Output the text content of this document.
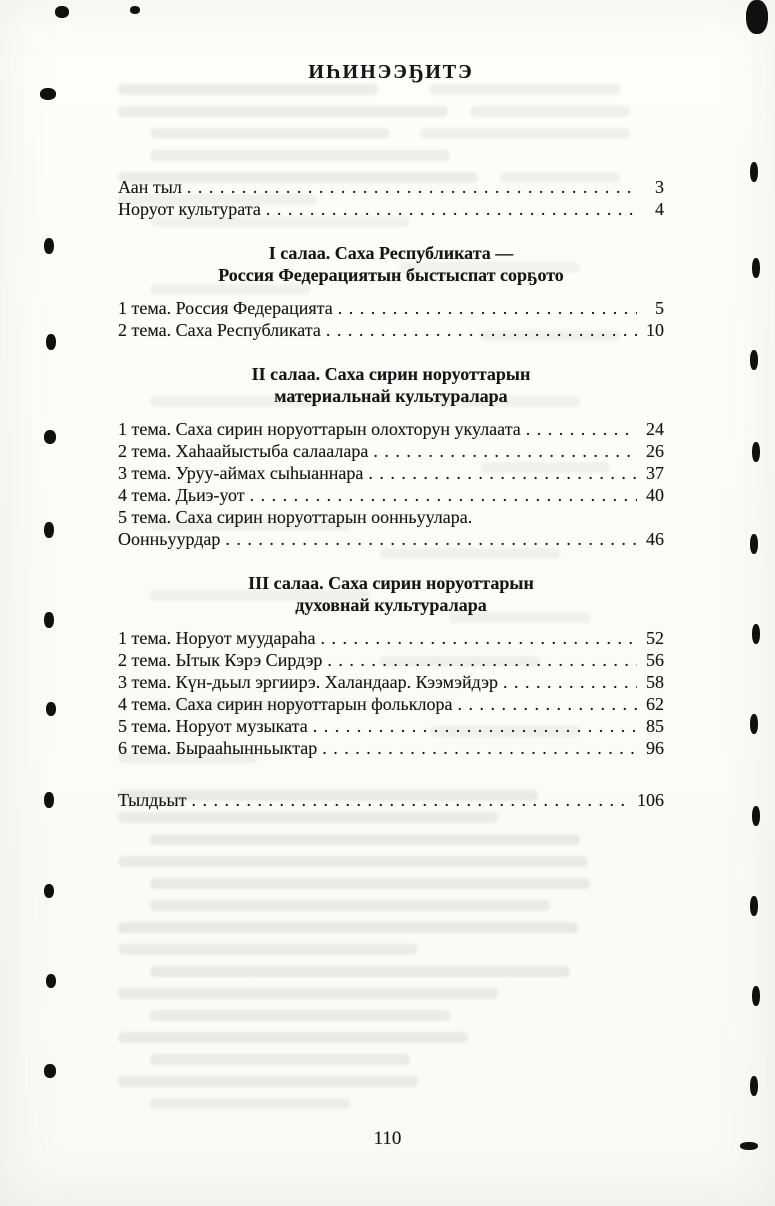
ИҺИНЭЭҔИТЭ
Аан тыл . . .	3
Норуот культурата . . .	4
I салаа. Саха Республиката —
Россия Федерациятын быстыспат сорҕото
1 тема. Россия Федерацията . . .	5
2 тема. Саха Республиката . . .	10
II салаа. Саха сирин норуоттарын
материальнай культуралара
1 тема. Саха сирин норуоттарын олохторун укулаата . . .	24
2 тема. Хаһаайыстыба салаалара . . .	26
3 тема. Уруу-аймах сыһыаннара . . .	37
4 тема. Дьиэ-уот . . .	40
5 тема. Саха сирин норуоттарын оонньуулара.
Оонньуурдар . . .	46
III салаа. Саха сирин норуоттарын
духовнай культуралара
1 тема. Норуот муудараһа . . .	52
2 тема. Ытык Кэрэ Сирдэр . . .	56
3 тема. Күн-дьыл эргиирэ. Халандаар. Кээмэйдэр . . .	58
4 тема. Саха сирин норуоттарын фольклора . . .	62
5 тема. Норуот музыката . . .	85
6 тема. Бырааһынньыктар . . .	96
Тылдьыт . . .	106
110
